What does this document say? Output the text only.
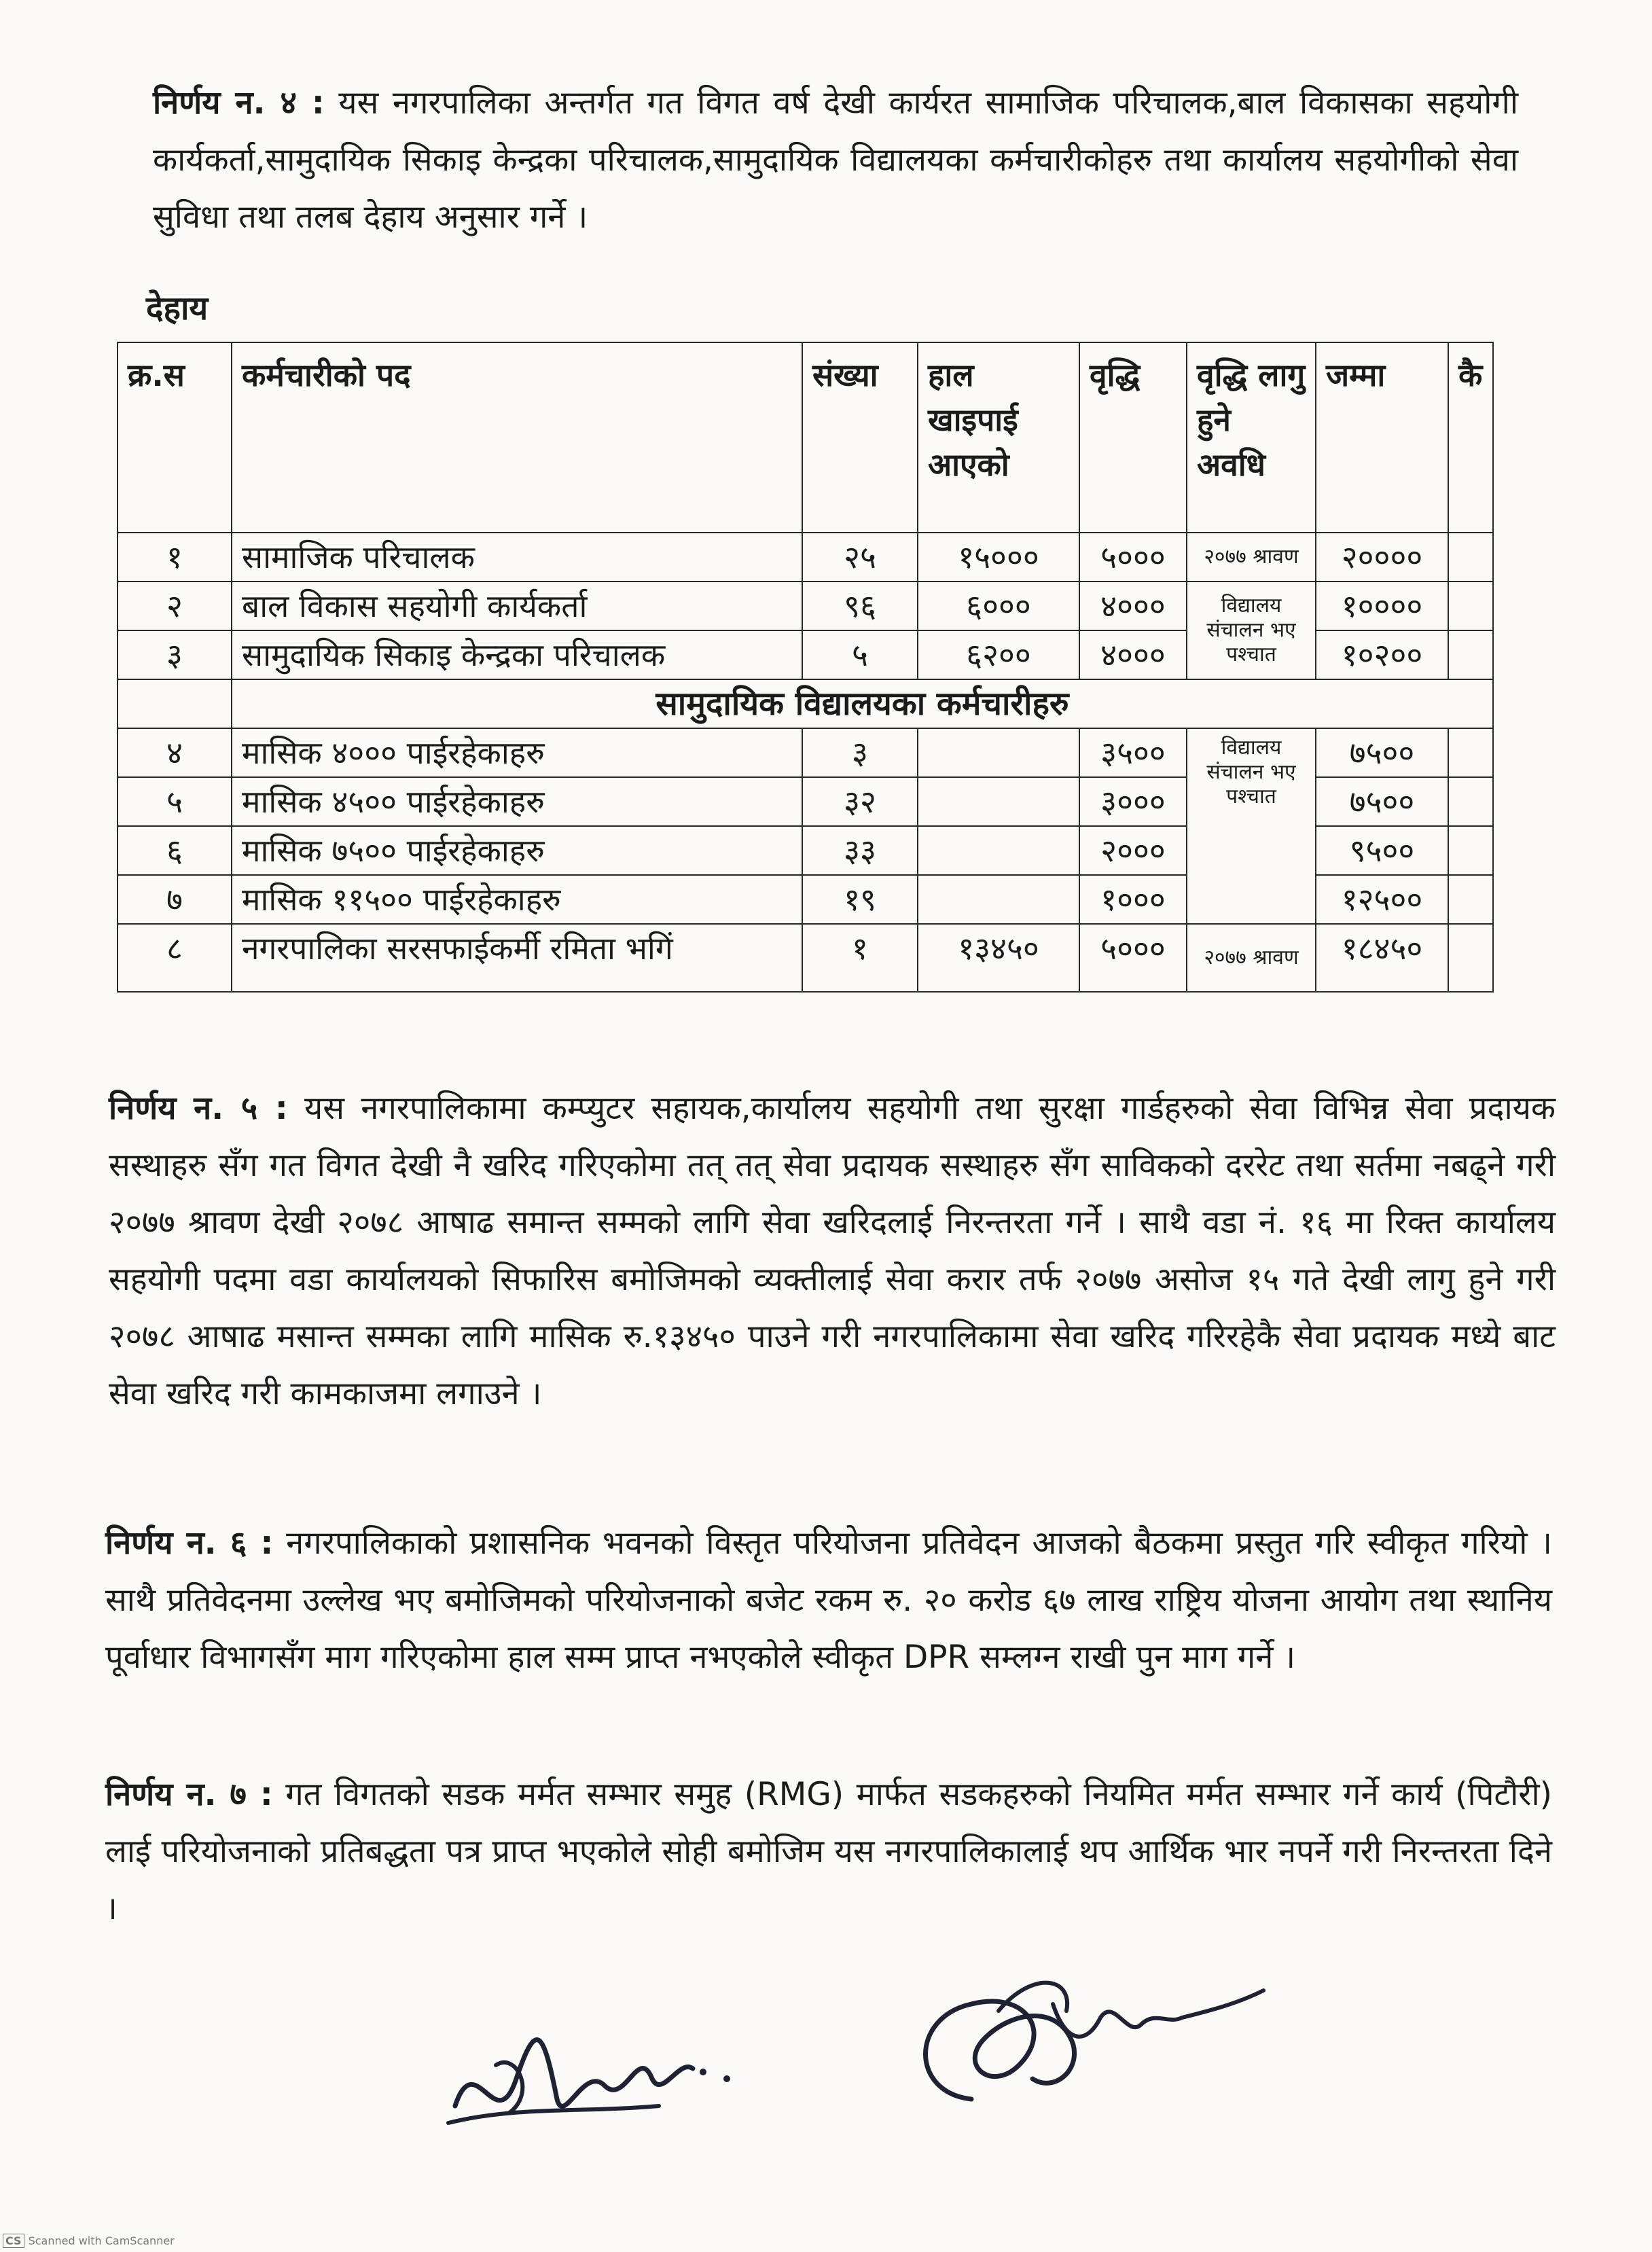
निर्णय न. ४ : यस नगरपालिका अन्तर्गत गत विगत वर्ष देखी कार्यरत सामाजिक परिचालक,बाल विकासका सहयोगी कार्यकर्ता,सामुदायिक सिकाइ केन्द्रका परिचालक,सामुदायिक विद्यालयका कर्मचारीकोहरु तथा कार्यालय सहयोगीको सेवा सुविधा तथा तलब देहाय अनुसार गर्ने ।

देहाय

क्र.स	कर्मचारीको पद	संख्या	हाल खाइपाई आएको	वृद्धि	वृद्धि लागु हुने अवधि	जम्मा	कै
१	सामाजिक परिचालक	२५	१५०००	५०००	२०७७ श्रावण	२००००	
२	बाल विकास सहयोगी कार्यकर्ता	९६	६०००	४०००	विद्यालय संचालन भए पश्चात	१००००	
३	सामुदायिक सिकाइ केन्द्रका परिचालक	५	६२००	४०००		१०२००	
	सामुदायिक विद्यालयका कर्मचारीहरु						
४	मासिक ४००० पाईरहेकाहरु	३		३५००	विद्यालय संचालन भए पश्चात	७५००	
५	मासिक ४५०० पाईरहेकाहरु	३२		३०००		७५००	
६	मासिक ७५०० पाईरहेकाहरु	३३		२०००		९५००	
७	मासिक ११५०० पाईरहेकाहरु	१९		१०००		१२५००	
८	नगरपालिका सरसफाईकर्मी रमिता भगिं	१	१३४५०	५०००	२०७७ श्रावण	१८४५०	

निर्णय न. ५ : यस नगरपालिकामा कम्प्युटर सहायक,कार्यालय सहयोगी तथा सुरक्षा गार्डहरुको सेवा विभिन्न सेवा प्रदायक सस्थाहरु सँग गत विगत देखी नै खरिद गरिएकोमा तत् तत् सेवा प्रदायक सस्थाहरु सँग साविकको दररेट तथा सर्तमा नबढ्ने गरी २०७७ श्रावण देखी २०७८ आषाढ समान्त सम्मको लागि सेवा खरिदलाई निरन्तरता गर्ने । साथै वडा नं. १६ मा रिक्त कार्यालय सहयोगी पदमा वडा कार्यालयको सिफारिस बमोजिमको व्यक्तीलाई सेवा करार तर्फ २०७७ असोज १५ गते देखी लागु हुने गरी २०७८ आषाढ मसान्त सम्मका लागि मासिक रु.१३४५० पाउने गरी नगरपालिकामा सेवा खरिद गरिरहेकै सेवा प्रदायक मध्ये बाट सेवा खरिद गरी कामकाजमा लगाउने ।

निर्णय न. ६ : नगरपालिकाको प्रशासनिक भवनको विस्तृत परियोजना प्रतिवेदन आजको बैठकमा प्रस्तुत गरि स्वीकृत गरियो । साथै प्रतिवेदनमा उल्लेख भए बमोजिमको परियोजनाको बजेट रकम रु. २० करोड ६७ लाख राष्ट्रिय योजना आयोग तथा स्थानिय पूर्वाधार विभागसँग माग गरिएकोमा हाल सम्म प्राप्त नभएकोले स्वीकृत DPR सम्लग्न राखी पुन माग गर्ने ।

निर्णय न. ७ : गत विगतको सडक मर्मत सम्भार समुह (RMG) मार्फत सडकहरुको नियमित मर्मत सम्भार गर्ने कार्य (पिटौरी) लाई परियोजनाको प्रतिबद्धता पत्र प्राप्त भएकोले सोही बमोजिम यस नगरपालिकालाई थप आर्थिक भार नपर्ने गरी निरन्तरता दिने ।

CS Scanned with CamScanner
